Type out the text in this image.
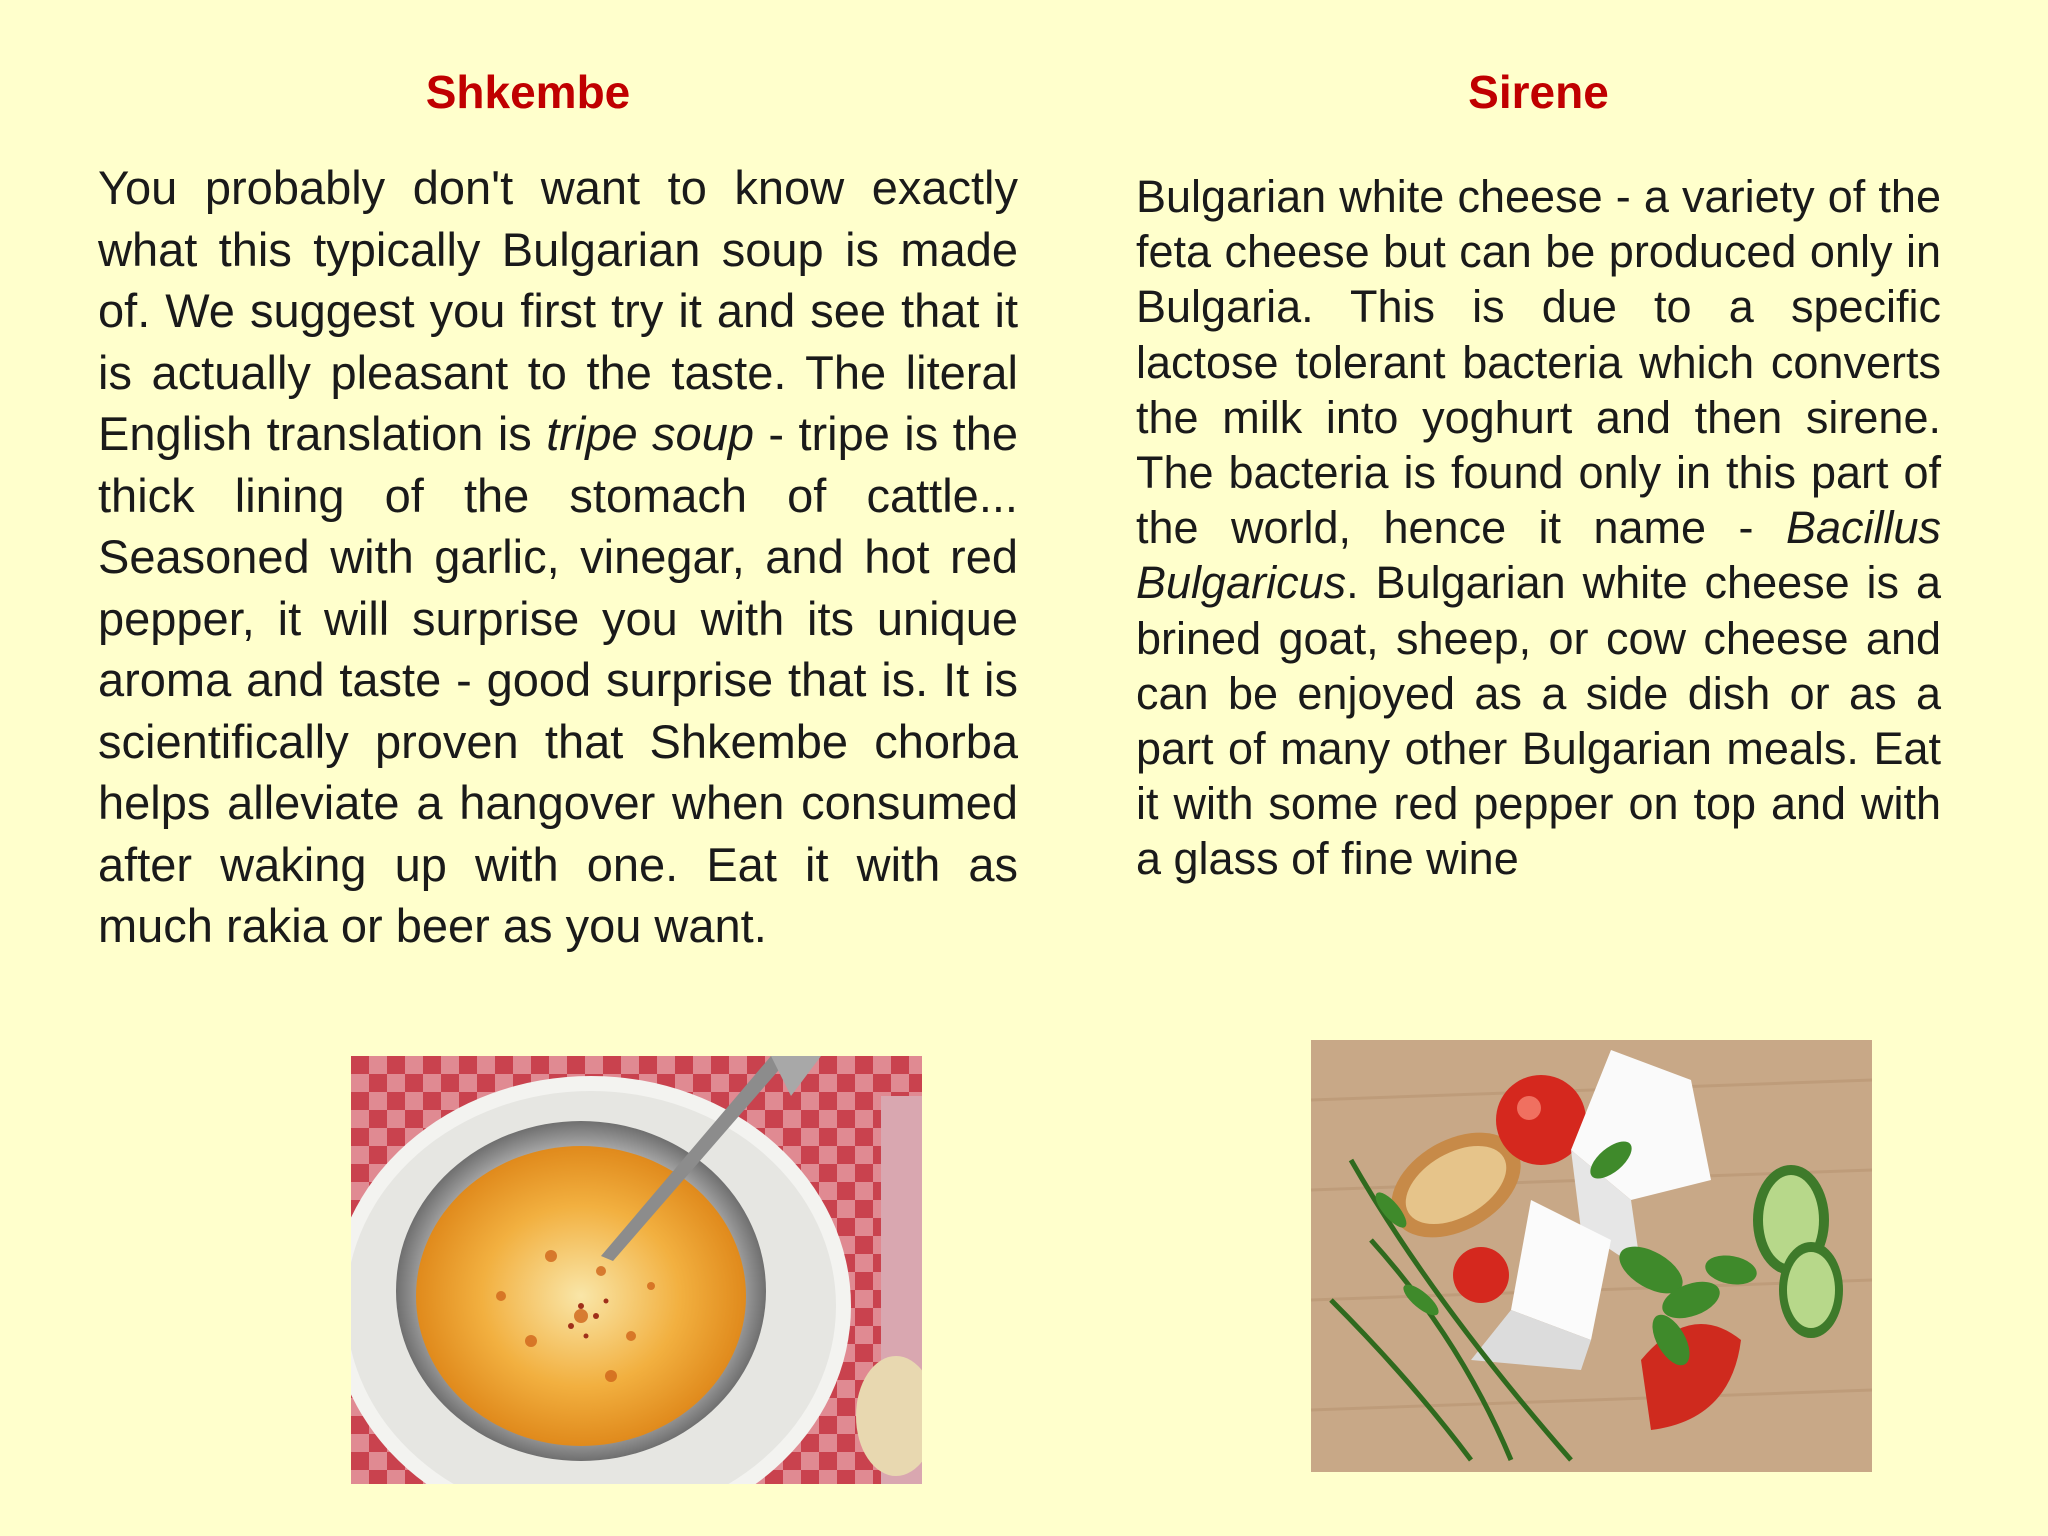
Shkembe
You probably don't want to know exactly what this typically Bulgarian soup is made of. We suggest you first try it and see that it is actually pleasant to the taste. The literal English translation is tripe soup - tripe is the thick lining of the stomach of cattle... Seasoned with garlic, vinegar, and hot red pepper, it will surprise you with its unique aroma and taste - good surprise that is. It is scientifically proven that Shkembe chorba helps alleviate a hangover when consumed after waking up with one. Eat it with as much rakia or beer as you want.
Sirene
Bulgarian white cheese - a variety of the feta cheese but can be produced only in Bulgaria. This is due to a specific lactose tolerant bacteria which converts the milk into yoghurt and then sirene. The bacteria is found only in this part of the world, hence it name - Bacillus Bulgaricus. Bulgarian white cheese is a brined goat, sheep, or cow cheese and can be enjoyed as a side dish or as a part of many other Bulgarian meals. Eat it with some red pepper on top and with a glass of fine wine
